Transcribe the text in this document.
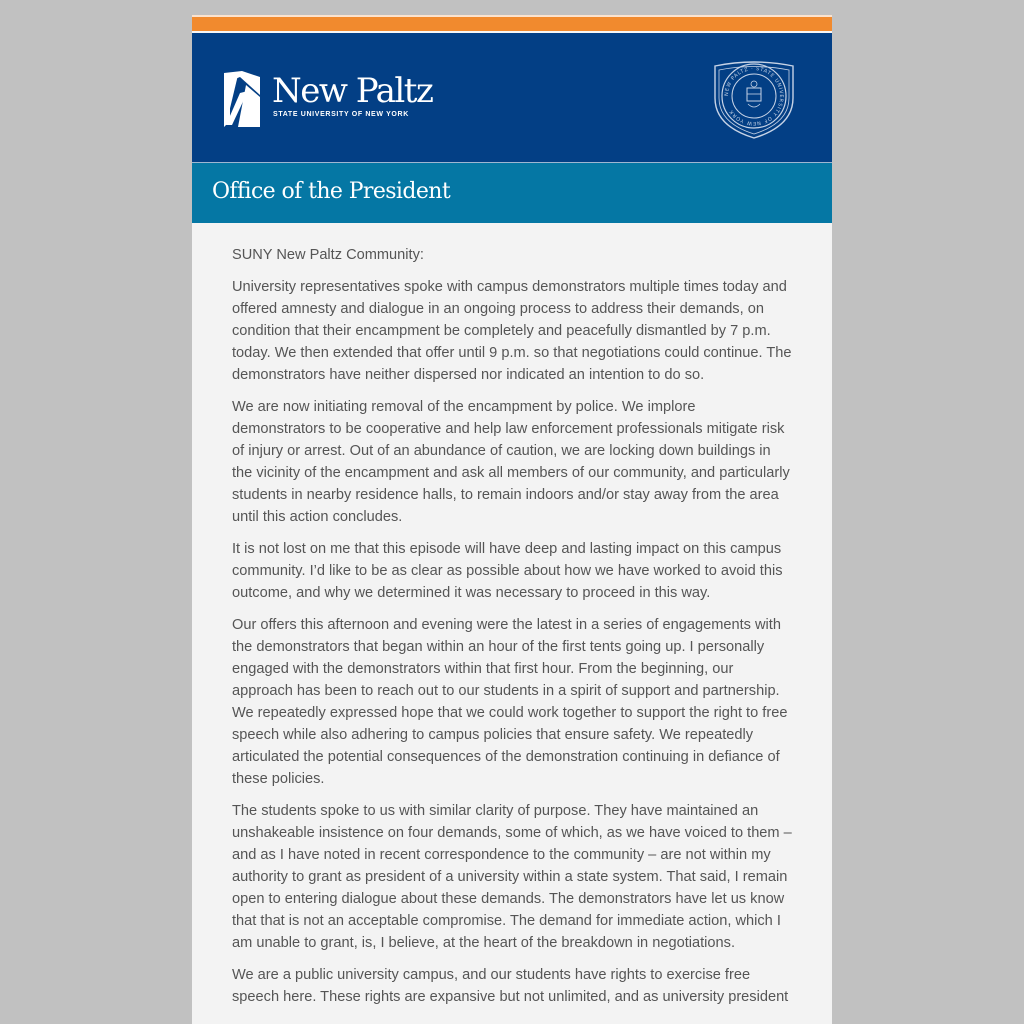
New Paltz
STATE UNIVERSITY OF NEW YORK
NEW PALTZ · STATE UNIVERSITY OF NEW YORK
Office of the President

SUNY New Paltz Community:

University representatives spoke with campus demonstrators multiple times today and offered amnesty and dialogue in an ongoing process to address their demands, on condition that their encampment be completely and peacefully dismantled by 7 p.m. today. We then extended that offer until 9 p.m. so that negotiations could continue. The demonstrators have neither dispersed nor indicated an intention to do so.

We are now initiating removal of the encampment by police. We implore demonstrators to be cooperative and help law enforcement professionals mitigate risk of injury or arrest. Out of an abundance of caution, we are locking down buildings in the vicinity of the encampment and ask all members of our community, and particularly students in nearby residence halls, to remain indoors and/or stay away from the area until this action concludes.

It is not lost on me that this episode will have deep and lasting impact on this campus community. I’d like to be as clear as possible about how we have worked to avoid this outcome, and why we determined it was necessary to proceed in this way.

Our offers this afternoon and evening were the latest in a series of engagements with the demonstrators that began within an hour of the first tents going up. I personally engaged with the demonstrators within that first hour. From the beginning, our approach has been to reach out to our students in a spirit of support and partnership. We repeatedly expressed hope that we could work together to support the right to free speech while also adhering to campus policies that ensure safety. We repeatedly articulated the potential consequences of the demonstration continuing in defiance of these policies.

The students spoke to us with similar clarity of purpose. They have maintained an unshakeable insistence on four demands, some of which, as we have voiced to them – and as I have noted in recent correspondence to the community – are not within my authority to grant as president of a university within a state system. That said, I remain open to entering dialogue about these demands. The demonstrators have let us know that that is not an acceptable compromise. The demand for immediate action, which I am unable to grant, is, I believe, at the heart of the breakdown in negotiations.

We are a public university campus, and our students have rights to exercise free speech here. These rights are expansive but not unlimited, and as university president
